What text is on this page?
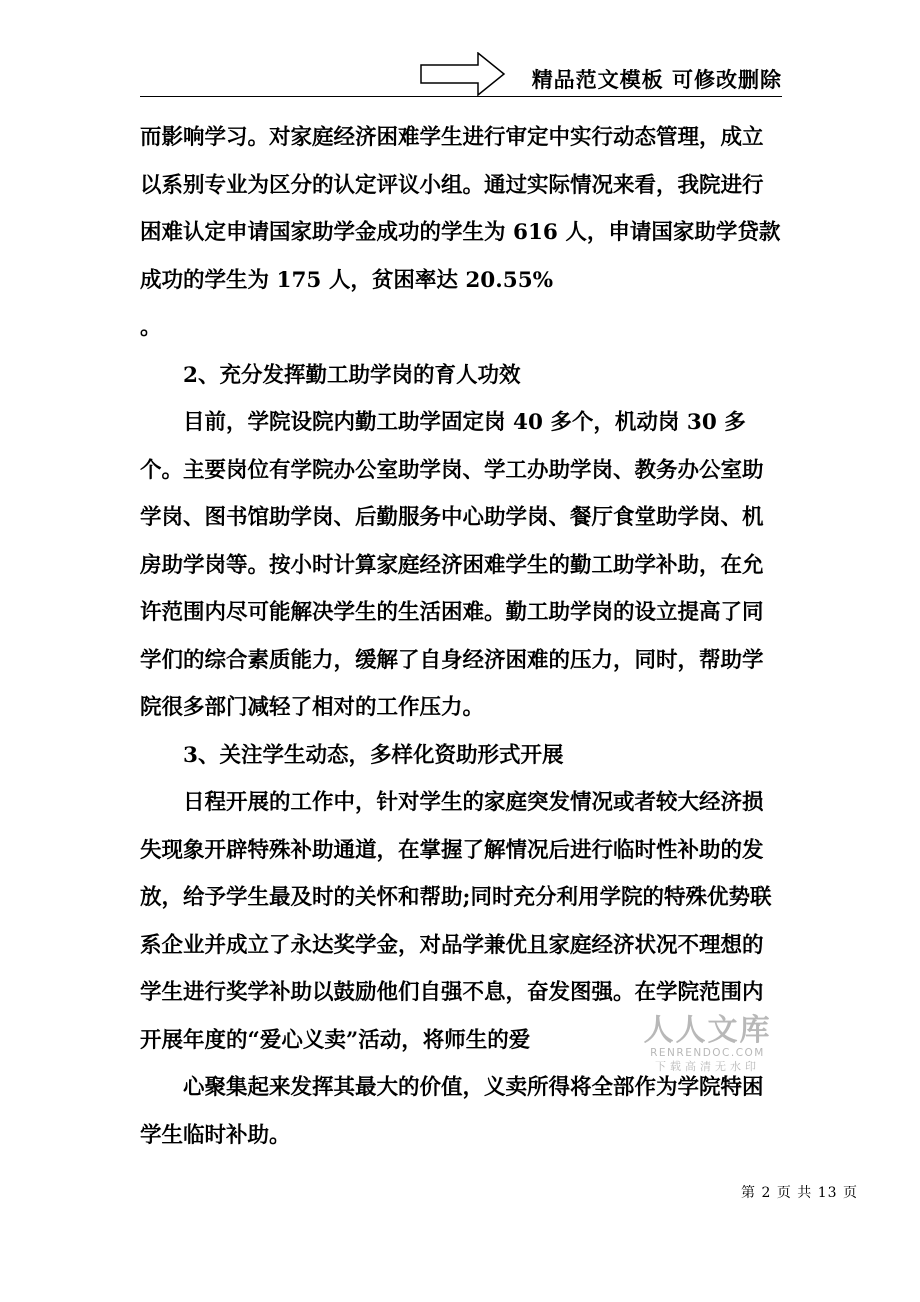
精品范文模板 可修改删除

而影响学习。对家庭经济困难学生进行审定中实行动态管理，成立以系别专业为区分的认定评议小组。通过实际情况来看，我院进行困难认定申请国家助学金成功的学生为 616 人，申请国家助学贷款成功的学生为 175 人，贫困率达 20.55%

。

2、充分发挥勤工助学岗的育人功效

目前，学院设院内勤工助学固定岗 40 多个，机动岗 30 多个。主要岗位有学院办公室助学岗、学工办助学岗、教务办公室助学岗、图书馆助学岗、后勤服务中心助学岗、餐厅食堂助学岗、机房助学岗等。按小时计算家庭经济困难学生的勤工助学补助，在允许范围内尽可能解决学生的生活困难。勤工助学岗的设立提高了同学们的综合素质能力，缓解了自身经济困难的压力，同时，帮助学院很多部门减轻了相对的工作压力。

3、关注学生动态，多样化资助形式开展

日程开展的工作中，针对学生的家庭突发情况或者较大经济损失现象开辟特殊补助通道，在掌握了解情况后进行临时性补助的发放，给予学生最及时的关怀和帮助;同时充分利用学院的特殊优势联系企业并成立了永达奖学金，对品学兼优且家庭经济状况不理想的学生进行奖学补助以鼓励他们自强不息，奋发图强。在学院范围内开展年度的“爱心义卖”活动，将师生的爱

心聚集起来发挥其最大的价值，义卖所得将全部作为学院特困学生临时补助。

人人文库
RENRENDOC.COM
下载高清无水印
第 2 页 共 13 页
